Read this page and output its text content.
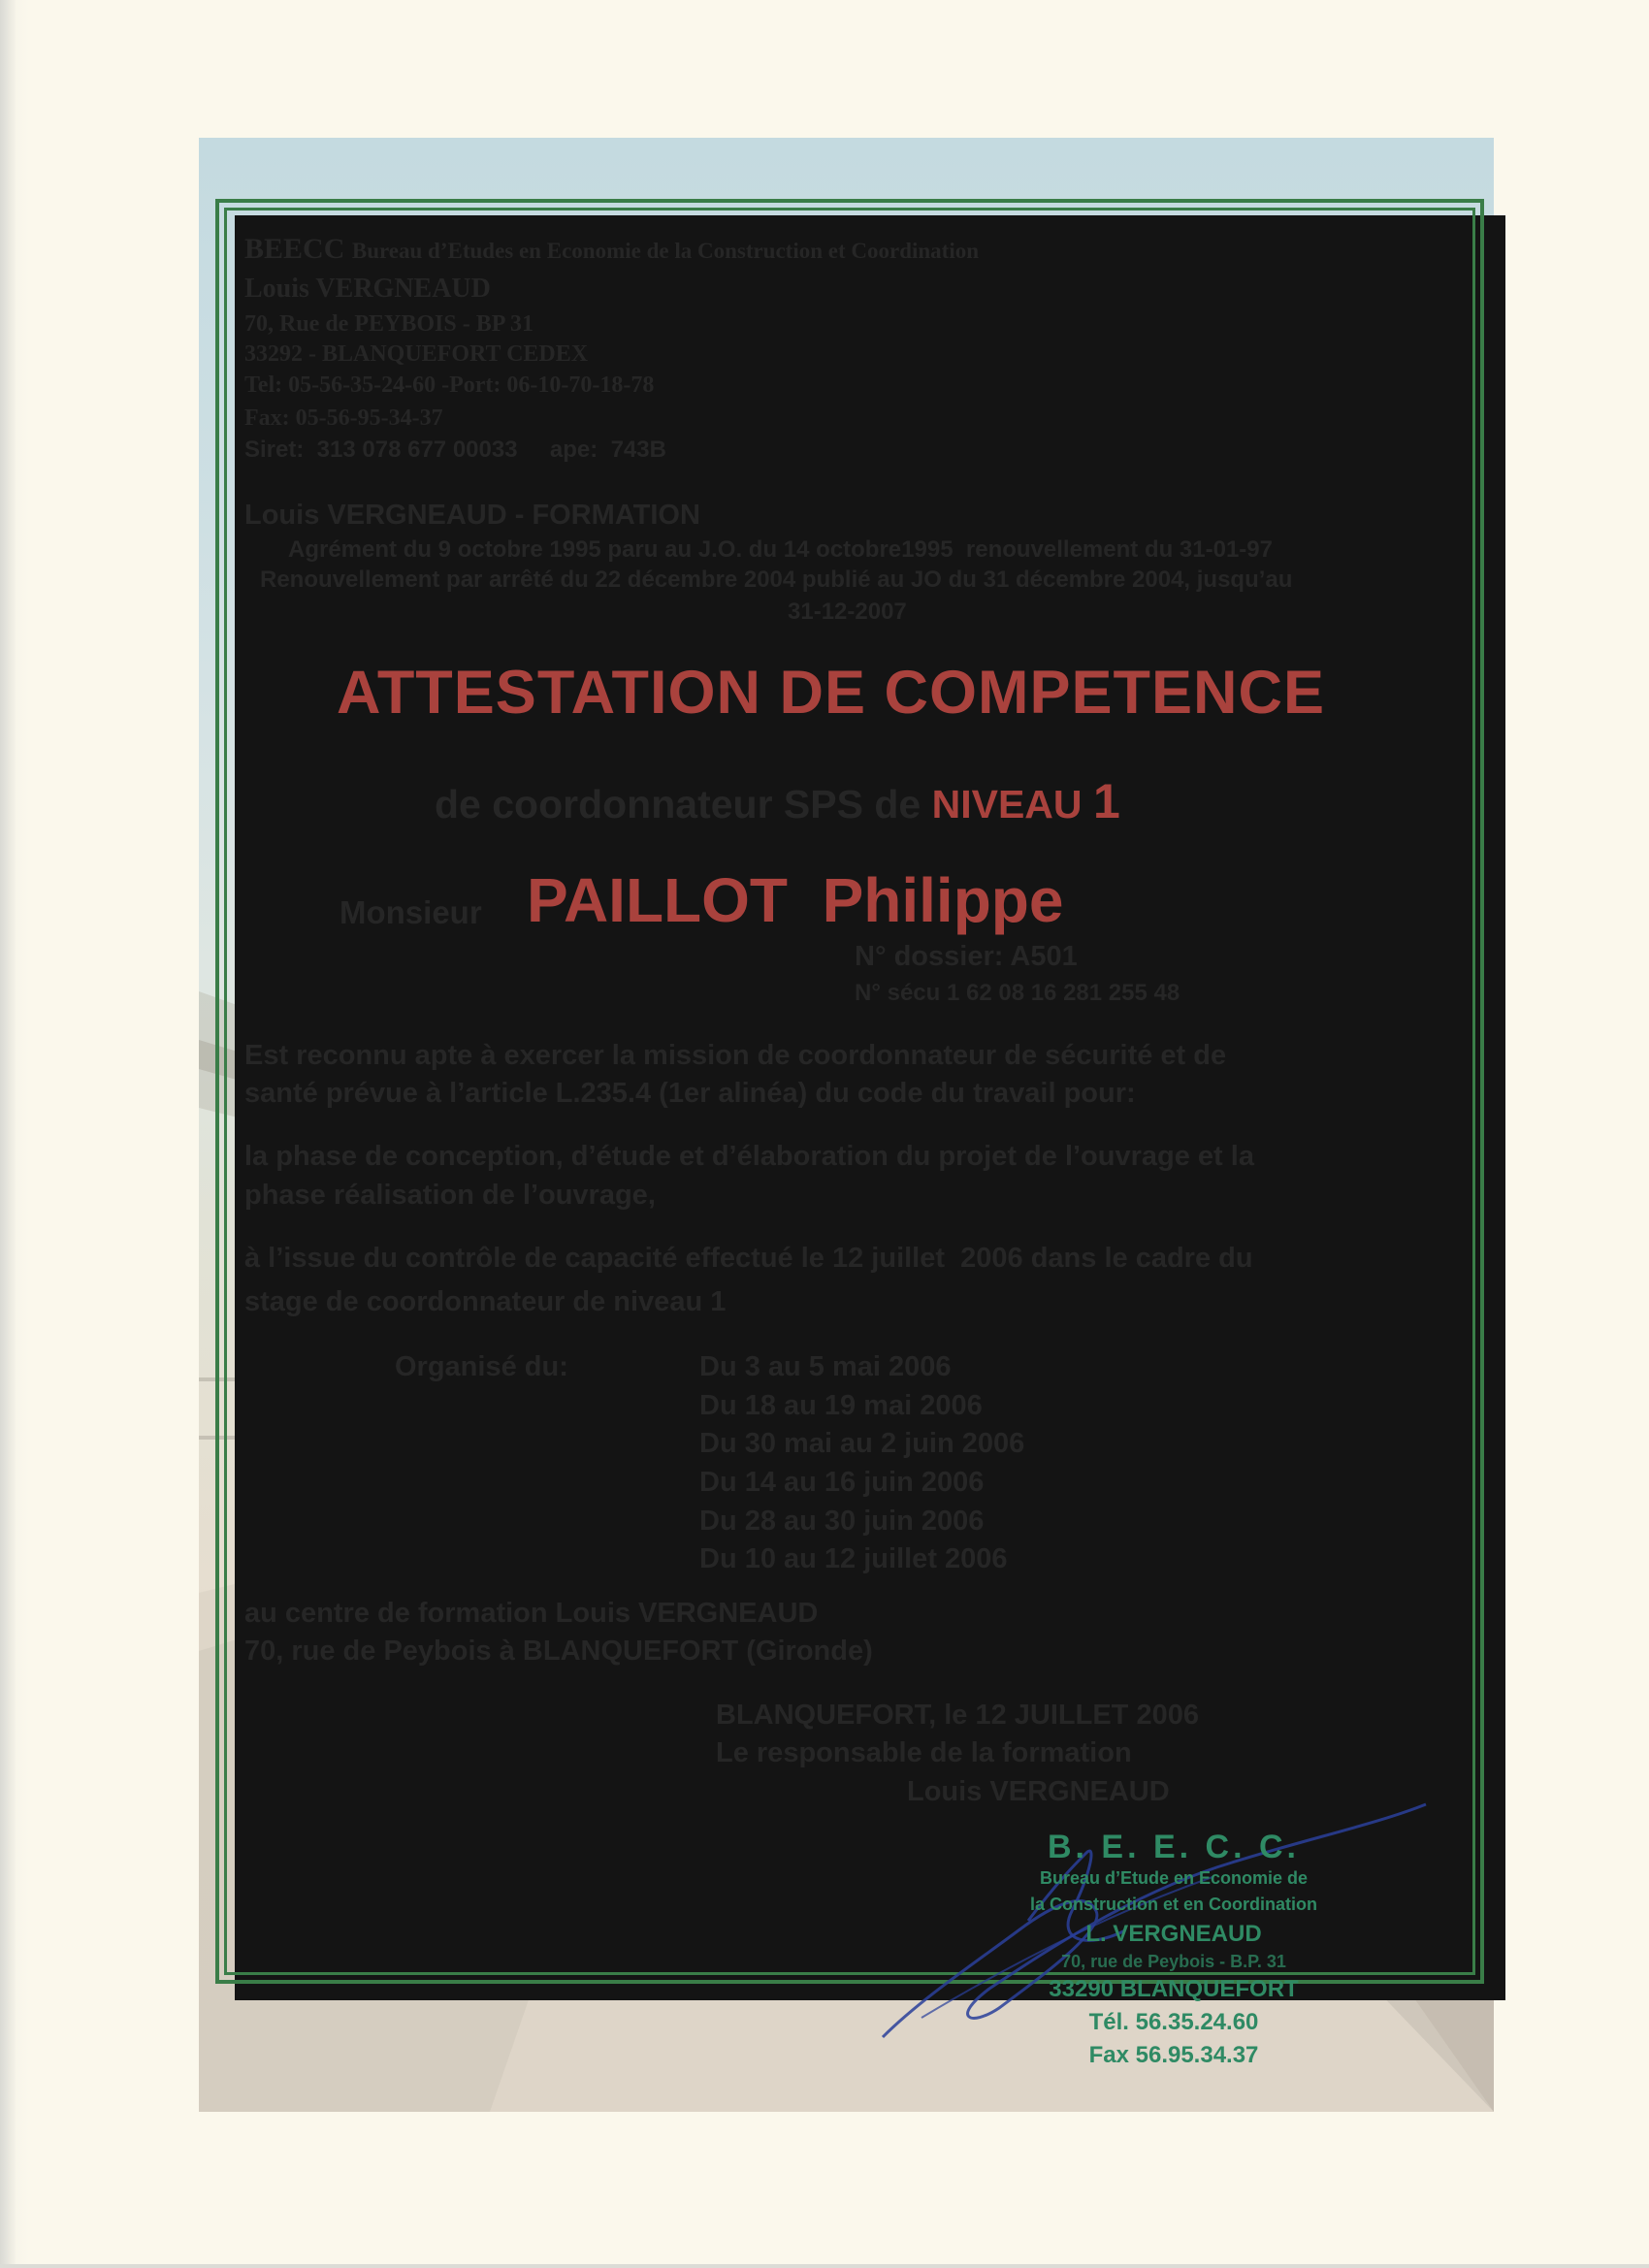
BEECC Bureau d’Etudes en Economie de la Construction et Coordination

Louis VERGNEAUD

70, Rue de PEYBOIS - BP 31

33292 - BLANQUEFORT CEDEX

Tel: 05-56-35-24-60 -Port: 06-10-70-18-78

Fax: 05-56-95-34-37

Siret:  313 078 677 00033     ape:  743B

Louis VERGNEAUD - FORMATION

Agrément du 9 octobre 1995 paru au J.O. du 14 octobre1995  renouvellement du 31-01-97

Renouvellement par arrêté du 22 décembre 2004 publié au JO du 31 décembre 2004, jusqu’au

31-12-2007

ATTESTATION DE COMPETENCE

de coordonnateur SPS de NIVEAU 1

Monsieur PAILLOT  Philippe

N° dossier: A501

N° sécu 1 62 08 16 281 255 48

Est reconnu apte à exercer la mission de coordonnateur de sécurité et de

santé prévue à l’article L.235.4 (1er alinéa) du code du travail pour:

la phase de conception, d’étude et d’élaboration du projet de l’ouvrage et la

phase réalisation de l’ouvrage,

à l’issue du contrôle de capacité effectué le 12 juillet  2006 dans le cadre du

stage de coordonnateur de niveau 1

Organisé du:	Du 3 au 5 mai 2006

Du 18 au 19 mai 2006

Du 30 mai au 2 juin 2006

Du 14 au 16 juin 2006

Du 28 au 30 juin 2006

Du 10 au 12 juillet 2006

au centre de formation Louis VERGNEAUD

70, rue de Peybois à BLANQUEFORT (Gironde)

BLANQUEFORT, le 12 JUILLET 2006

Le responsable de la formation

Louis VERGNEAUD

B. E. E. C. C.
Bureau d’Etude en Economie de
la Construction et en Coordination
L. VERGNEAUD
70, rue de Peybois - B.P. 31
33290 BLANQUEFORT
Tél. 56.35.24.60
Fax 56.95.34.37
